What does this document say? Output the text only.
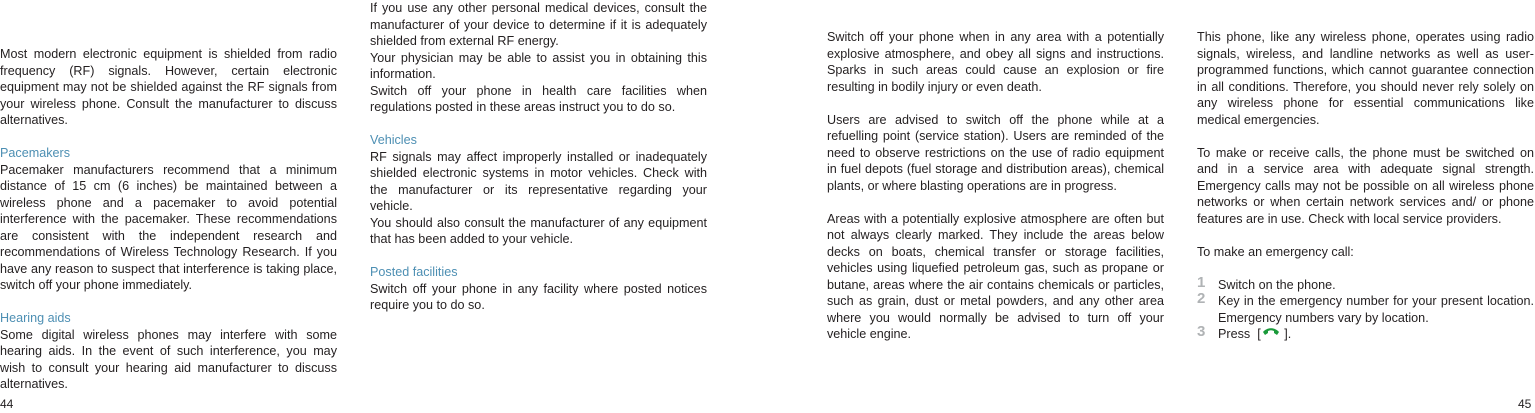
Most modern electronic equipment is shielded from radio frequency (RF) signals. However, certain electronic equipment may not be shielded against the RF signals from your wireless phone. Consult the manufacturer to discuss alternatives.

Pacemakers

Pacemaker manufacturers recommend that a minimum distance of 15 cm (6 inches) be maintained between a wireless phone and a pacemaker to avoid potential interference with the pacemaker. These recommendations are consistent with the independent research and recommendations of Wireless Technology Research. If you have any reason to suspect that interference is taking place, switch off your phone immediately.

Hearing aids

Some digital wireless phones may interfere with some hearing aids. In the event of such interference, you may wish to consult your hearing aid manufacturer to discuss alternatives.

If you use any other personal medical devices, consult the manufacturer of your device to determine if it is adequately shielded from external RF energy.

Your physician may be able to assist you in obtaining this information.

Switch off your phone in health care facilities when regulations posted in these areas instruct you to do so.

Vehicles

RF signals may affect improperly installed or inadequately shielded electronic systems in motor vehicles. Check with the manufacturer or its representative regarding your vehicle.

You should also consult the manufacturer of any equipment that has been added to your vehicle.

Posted facilities

Switch off your phone in any facility where posted notices require you to do so.

Switch off your phone when in any area with a potentially explosive atmosphere, and obey all signs and instructions. Sparks in such areas could cause an explosion or fire resulting in bodily injury or even death.

Users are advised to switch off the phone while at a refuelling point (service station). Users are reminded of the need to observe restrictions on the use of radio equipment in fuel depots (fuel storage and distribution areas), chemical plants, or where blasting operations are in progress.

Areas with a potentially explosive atmosphere are often but not always clearly marked. They include the areas below decks on boats, chemical transfer or storage facilities, vehicles using liquefied petroleum gas, such as propane or butane, areas where the air contains chemicals or particles, such as grain, dust or metal powders, and any other area where you would normally be advised to turn off your vehicle engine.

This phone, like any wireless phone, operates using radio signals, wireless, and landline networks as well as user-programmed functions, which cannot guarantee connection in all conditions. Therefore, you should never rely solely on any wireless phone for essential communications like medical emergencies.

To make or receive calls, the phone must be switched on and in a service area with adequate signal strength. Emergency calls may not be possible on all wireless phone networks or when certain network services and/ or phone features are in use. Check with local service providers.

To make an emergency call:

1 Switch on the phone.
2 Key in the emergency number for your present location. Emergency numbers vary by location.
3 Press  [ ].
44	45
